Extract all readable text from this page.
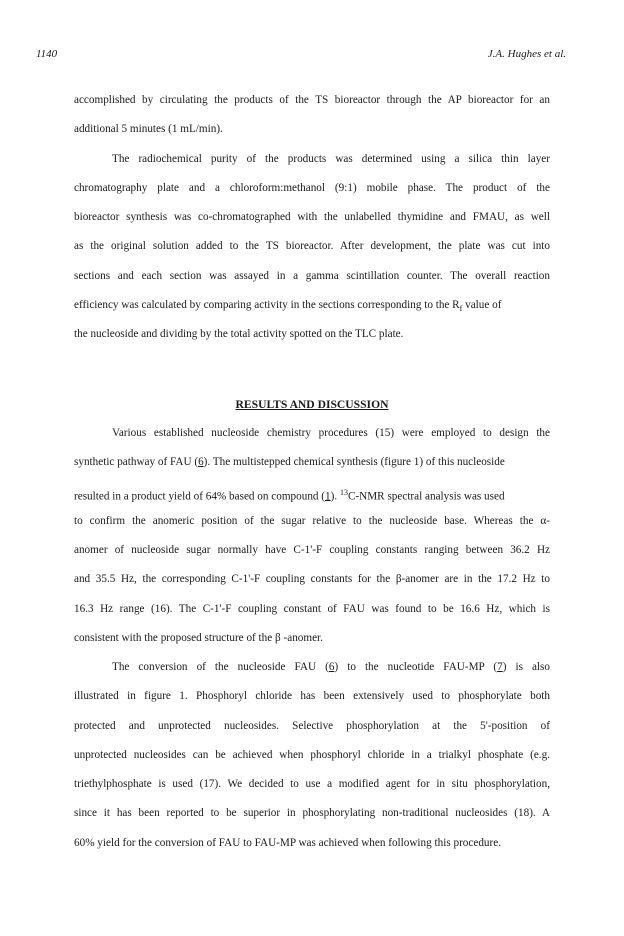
1140	J.A. Hughes et al.
accomplished by circulating the products of the TS bioreactor through the AP bioreactor for an
additional 5 minutes (1 mL/min).
The radiochemical purity of the products was determined using a silica thin layer
chromatography plate and a chloroform:methanol (9:1) mobile phase. The product of the
bioreactor synthesis was co-chromatographed with the unlabelled thymidine and FMAU, as well
as the original solution added to the TS bioreactor. After development, the plate was cut into
sections and each section was assayed in a gamma scintillation counter. The overall reaction
efficiency was calculated by comparing activity in the sections corresponding to the $R_f$ value of
the nucleoside and dividing by the total activity spotted on the TLC plate.
RESULTS AND DISCUSSION
Various established nucleoside chemistry procedures (15) were employed to design the
synthetic pathway of FAU (6). The multistepped chemical synthesis (figure 1) of this nucleoside
resulted in a product yield of 64% based on compound (1). $^{13}$C-NMR spectral analysis was used
to confirm the anomeric position of the sugar relative to the nucleoside base. Whereas the α-
anomer of nucleoside sugar normally have C-1'-F coupling constants ranging between 36.2 Hz
and 35.5 Hz, the corresponding C-1'-F coupling constants for the β-anomer are in the 17.2 Hz to
16.3 Hz range (16). The C-1'-F coupling constant of FAU was found to be 16.6 Hz, which is
consistent with the proposed structure of the β -anomer.
The conversion of the nucleoside FAU (6) to the nucleotide FAU-MP (7) is also
illustrated in figure 1. Phosphoryl chloride has been extensively used to phosphorylate both
protected and unprotected nucleosides. Selective phosphorylation at the 5'-position of
unprotected nucleosides can be achieved when phosphoryl chloride in a trialkyl phosphate (e.g.
triethylphosphate is used (17). We decided to use a modified agent for in situ phosphorylation,
since it has been reported to be superior in phosphorylating non-traditional nucleosides (18). A
60% yield for the conversion of FAU to FAU-MP was achieved when following this procedure.
